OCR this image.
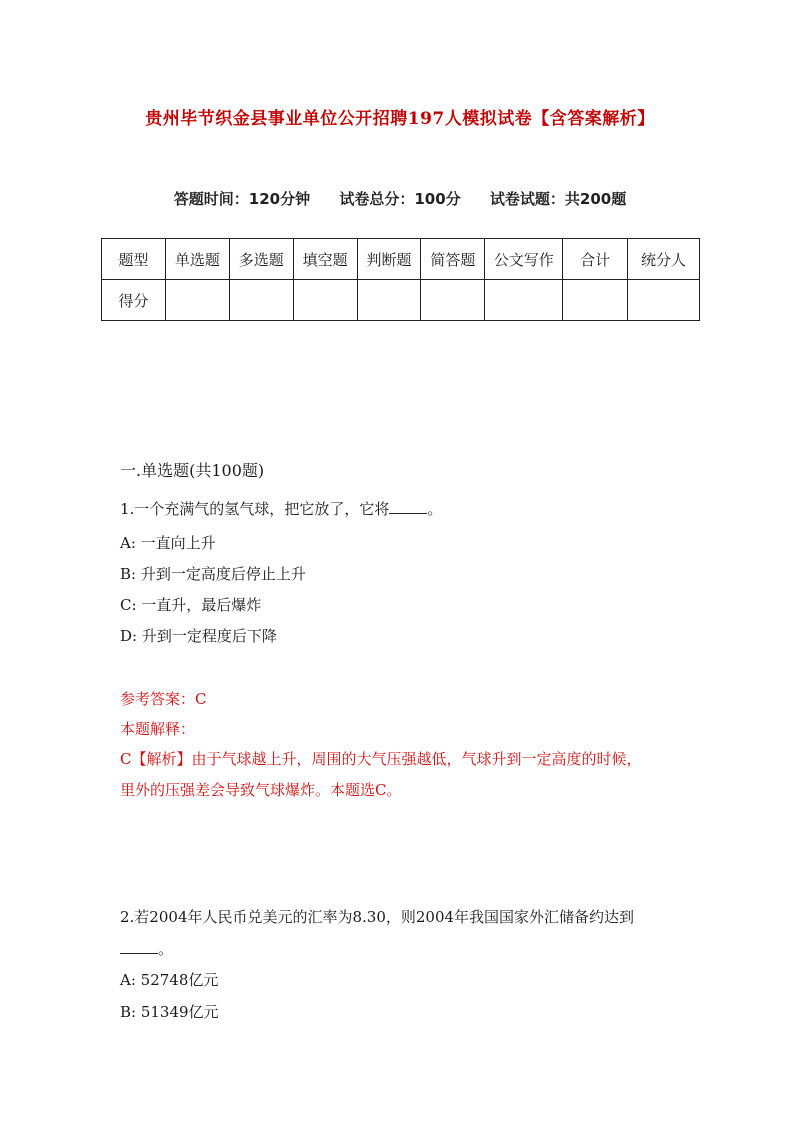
贵州毕节织金县事业单位公开招聘197人模拟试卷【含答案解析】
答题时间：120分钟 试卷总分：100分 试卷试题：共200题
题型	单选题	多选题	填空题	判断题	简答题	公文写作	合计	统分人
得分								
一.单选题(共100题)
1.一个充满气的氢气球，把它放了，它将	。
A: 一直向上升
B: 升到一定高度后停止上升
C: 一直升，最后爆炸
D: 升到一定程度后下降
参考答案：C
本题解释：
C【解析】由于气球越上升，周围的大气压强越低，气球升到一定高度的时候，
里外的压强差会导致气球爆炸。本题选C。
2.若2004年人民币兑美元的汇率为8.30，则2004年我国国家外汇储备约达到
。
A: 52748亿元
B: 51349亿元
